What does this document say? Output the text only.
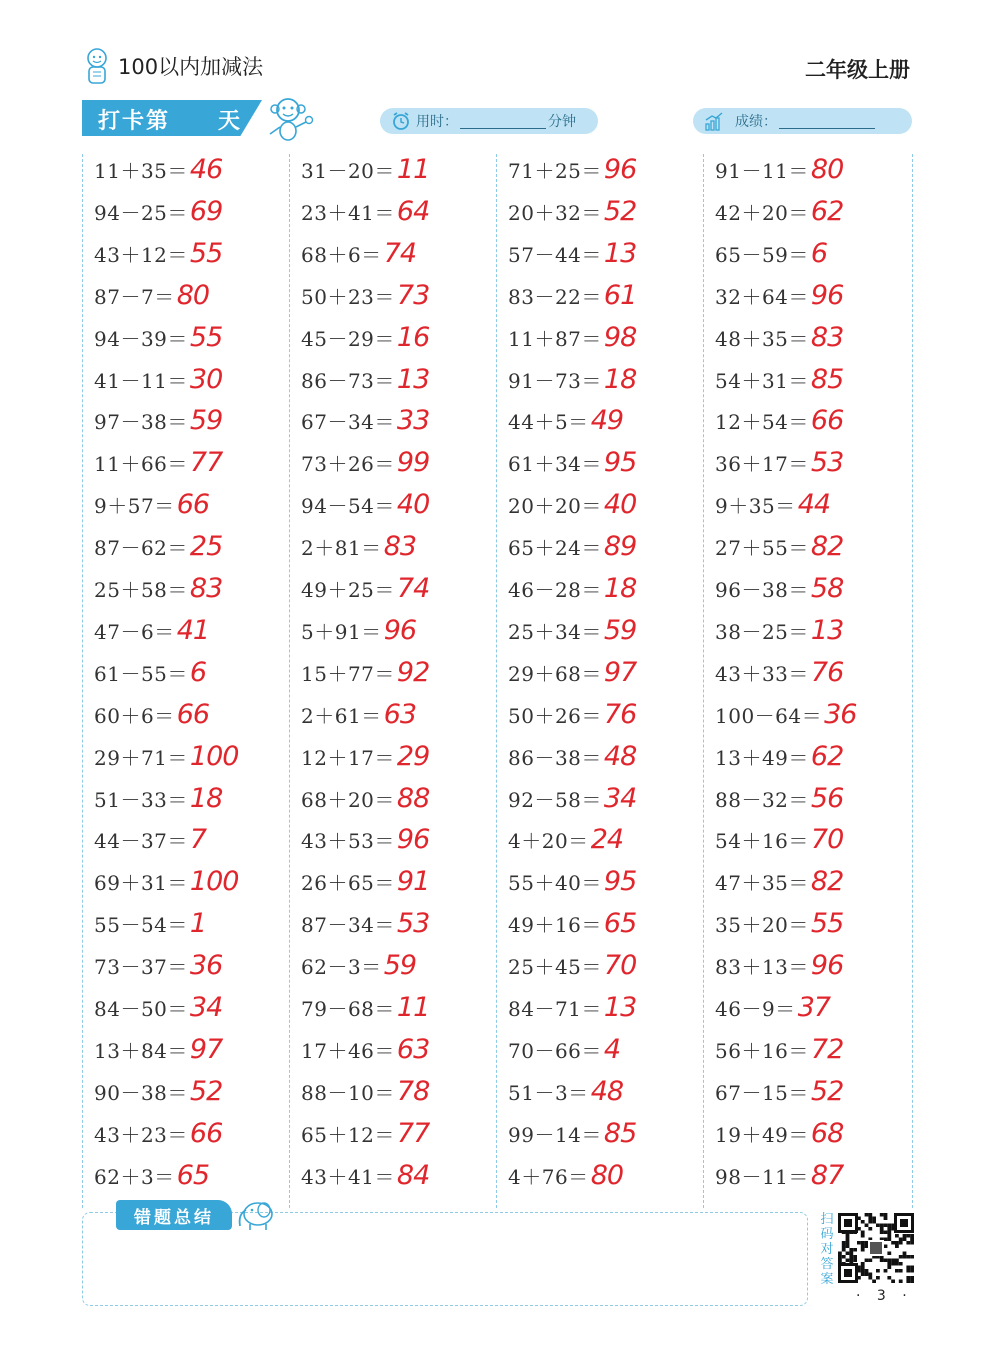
100以内加减法	二年级上册
打卡第 天	用时：	分钟	成绩：
11＋35＝ 46
94－25＝ 69
43＋12＝ 55
87－7＝ 80
94－39＝ 55
41－11＝ 30
97－38＝ 59
11＋66＝ 77
9＋57＝ 66
87－62＝ 25
25＋58＝ 83
47－6＝ 41
61－55＝ 6
60＋6＝ 66
29＋71＝ 100
51－33＝ 18
44－37＝ 7
69＋31＝ 100
55－54＝ 1
73－37＝ 36
84－50＝ 34
13＋84＝ 97
90－38＝ 52
43＋23＝ 66
62＋3＝ 65
31－20＝ 11
23＋41＝ 64
68＋6＝ 74
50＋23＝ 73
45－29＝ 16
86－73＝ 13
67－34＝ 33
73＋26＝ 99
94－54＝ 40
2＋81＝ 83
49＋25＝ 74
5＋91＝ 96
15＋77＝ 92
2＋61＝ 63
12＋17＝ 29
68＋20＝ 88
43＋53＝ 96
26＋65＝ 91
87－34＝ 53
62－3＝ 59
79－68＝ 11
17＋46＝ 63
88－10＝ 78
65＋12＝ 77
43＋41＝ 84
71＋25＝ 96
20＋32＝ 52
57－44＝ 13
83－22＝ 61
11＋87＝ 98
91－73＝ 18
44＋5＝ 49
61＋34＝ 95
20＋20＝ 40
65＋24＝ 89
46－28＝ 18
25＋34＝ 59
29＋68＝ 97
50＋26＝ 76
86－38＝ 48
92－58＝ 34
4＋20＝ 24
55＋40＝ 95
49＋16＝ 65
25＋45＝ 70
84－71＝ 13
70－66＝ 4
51－3＝ 48
99－14＝ 85
4＋76＝ 80
91－11＝ 80
42＋20＝ 62
65－59＝ 6
32＋64＝ 96
48＋35＝ 83
54＋31＝ 85
12＋54＝ 66
36＋17＝ 53
9＋35＝ 44
27＋55＝ 82
96－38＝ 58
38－25＝ 13
43＋33＝ 76
100－64＝ 36
13＋49＝ 62
88－32＝ 56
54＋16＝ 70
47＋35＝ 82
35＋20＝ 55
83＋13＝ 96
46－9＝ 37
56＋16＝ 72
67－15＝ 52
19＋49＝ 68
98－11＝ 87
错题总结	扫码对答案
· 3 ·
